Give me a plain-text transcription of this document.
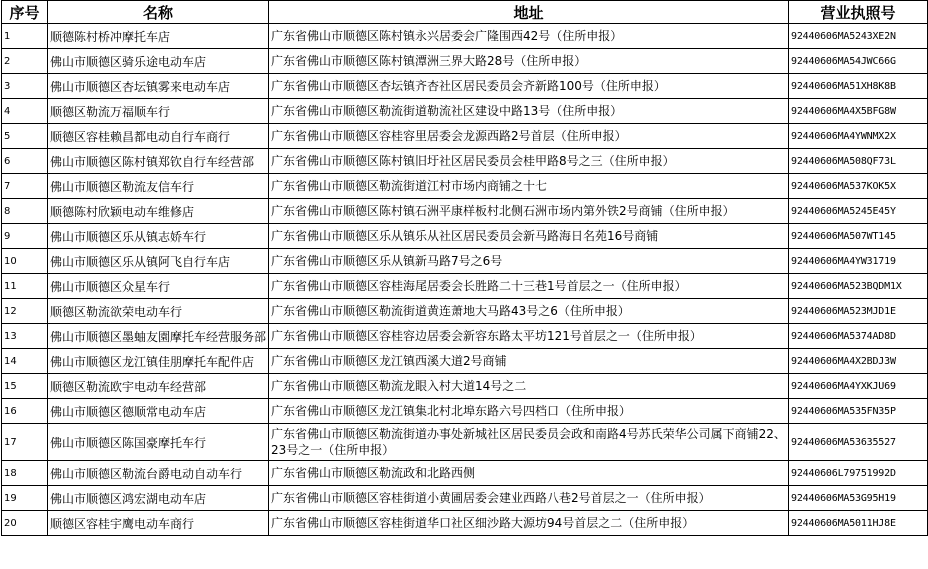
序号	名称	地址	营业执照号
1	顺德陈村桥冲摩托车店	广东省佛山市顺德区陈村镇永兴居委会广隆围西42号（住所申报）	92440606MA5243XE2N
2	佛山市顺德区骑乐途电动车店	广东省佛山市顺德区陈村镇潭洲三界大路28号（住所申报）	92440606MA54JWC66G
3	佛山市顺德区杏坛镇雾来电动车店	广东省佛山市顺德区杏坛镇齐杏社区居民委员会齐新路100号（住所申报）	92440606MA51XH8K8B
4	顺德区勒流万福顺车行	广东省佛山市顺德区勒流街道勒流社区建设中路13号（住所申报）	92440606MA4X5BFG8W
5	顺德区容桂赖昌都电动自行车商行	广东省佛山市顺德区容桂容里居委会龙源西路2号首层（住所申报）	92440606MA4YWNMX2X
6	佛山市顺德区陈村镇郑钦自行车经营部	广东省佛山市顺德区陈村镇旧圩社区居民委员会桂甲路8号之三（住所申报）	92440606MA508QF73L
7	佛山市顺德区勒流友信车行	广东省佛山市顺德区勒流街道江村市场内商铺之十七	92440606MA537KOK5X
8	顺德陈村欣颖电动车维修店	广东省佛山市顺德区陈村镇石洲平康样板村北侧石洲市场内第外铁2号商铺（住所申报）	92440606MA5245E45Y
9	佛山市顺德区乐从镇志娇车行	广东省佛山市顺德区乐从镇乐从社区居民委员会新马路海日名苑16号商铺	92440606MA507WT145
10	佛山市顺德区乐从镇阿飞自行车店	广东省佛山市顺德区乐从镇新马路7号之6号	92440606MA4YW31719
11	佛山市顺德区众星车行	广东省佛山市顺德区容桂海尾居委会长胜路二十三巷1号首层之一（住所申报）	92440606MA523BQDM1X
12	顺德区勒流欲荣电动车行	广东省佛山市顺德区勒流街道黄连萧地大马路43号之6（住所申报）	92440606MA523MJD1E
13	佛山市顺德区墨蚰友園摩托车经营服务部	广东省佛山市顺德区容桂容边居委会新容东路太平坊121号首层之一（住所申报）	92440606MA5374AD8D
14	佛山市顺德区龙江镇佳朋摩托车配件店	广东省佛山市顺德区龙江镇西溪大道2号商铺	92440606MA4X2BDJ3W
15	顺德区勒流欧宇电动车经营部	广东省佛山市顺德区勒流龙眼入村大道14号之二	92440606MA4YXKJU69
16	佛山市顺德区德顺常电动车店	广东省佛山市顺德区龙江镇集北村北埠东路六号四档口（住所申报）	92440606MA535FN35P
17	佛山市顺德区陈国豪摩托车行	广东省佛山市顺德区勒流街道办事处新城社区居民委员会政和南路4号苏氏荣华公司属下商铺22、23号之一（住所申报）	92440606MA53635527
18	佛山市顺德区勒流台爵电动自动车行	广东省佛山市顺德区勒流政和北路西侧	92440606L79751992D
19	佛山市顺德区鸿宏湖电动车店	广东省佛山市顺德区容桂街道小黄圃居委会建业西路八巷2号首层之一（住所申报）	92440606MA53G95H19
20	顺德区容桂宇鹰电动车商行	广东省佛山市顺德区容桂街道华口社区细沙路大源坊94号首层之二（住所申报）	92440606MA5011HJ8E
